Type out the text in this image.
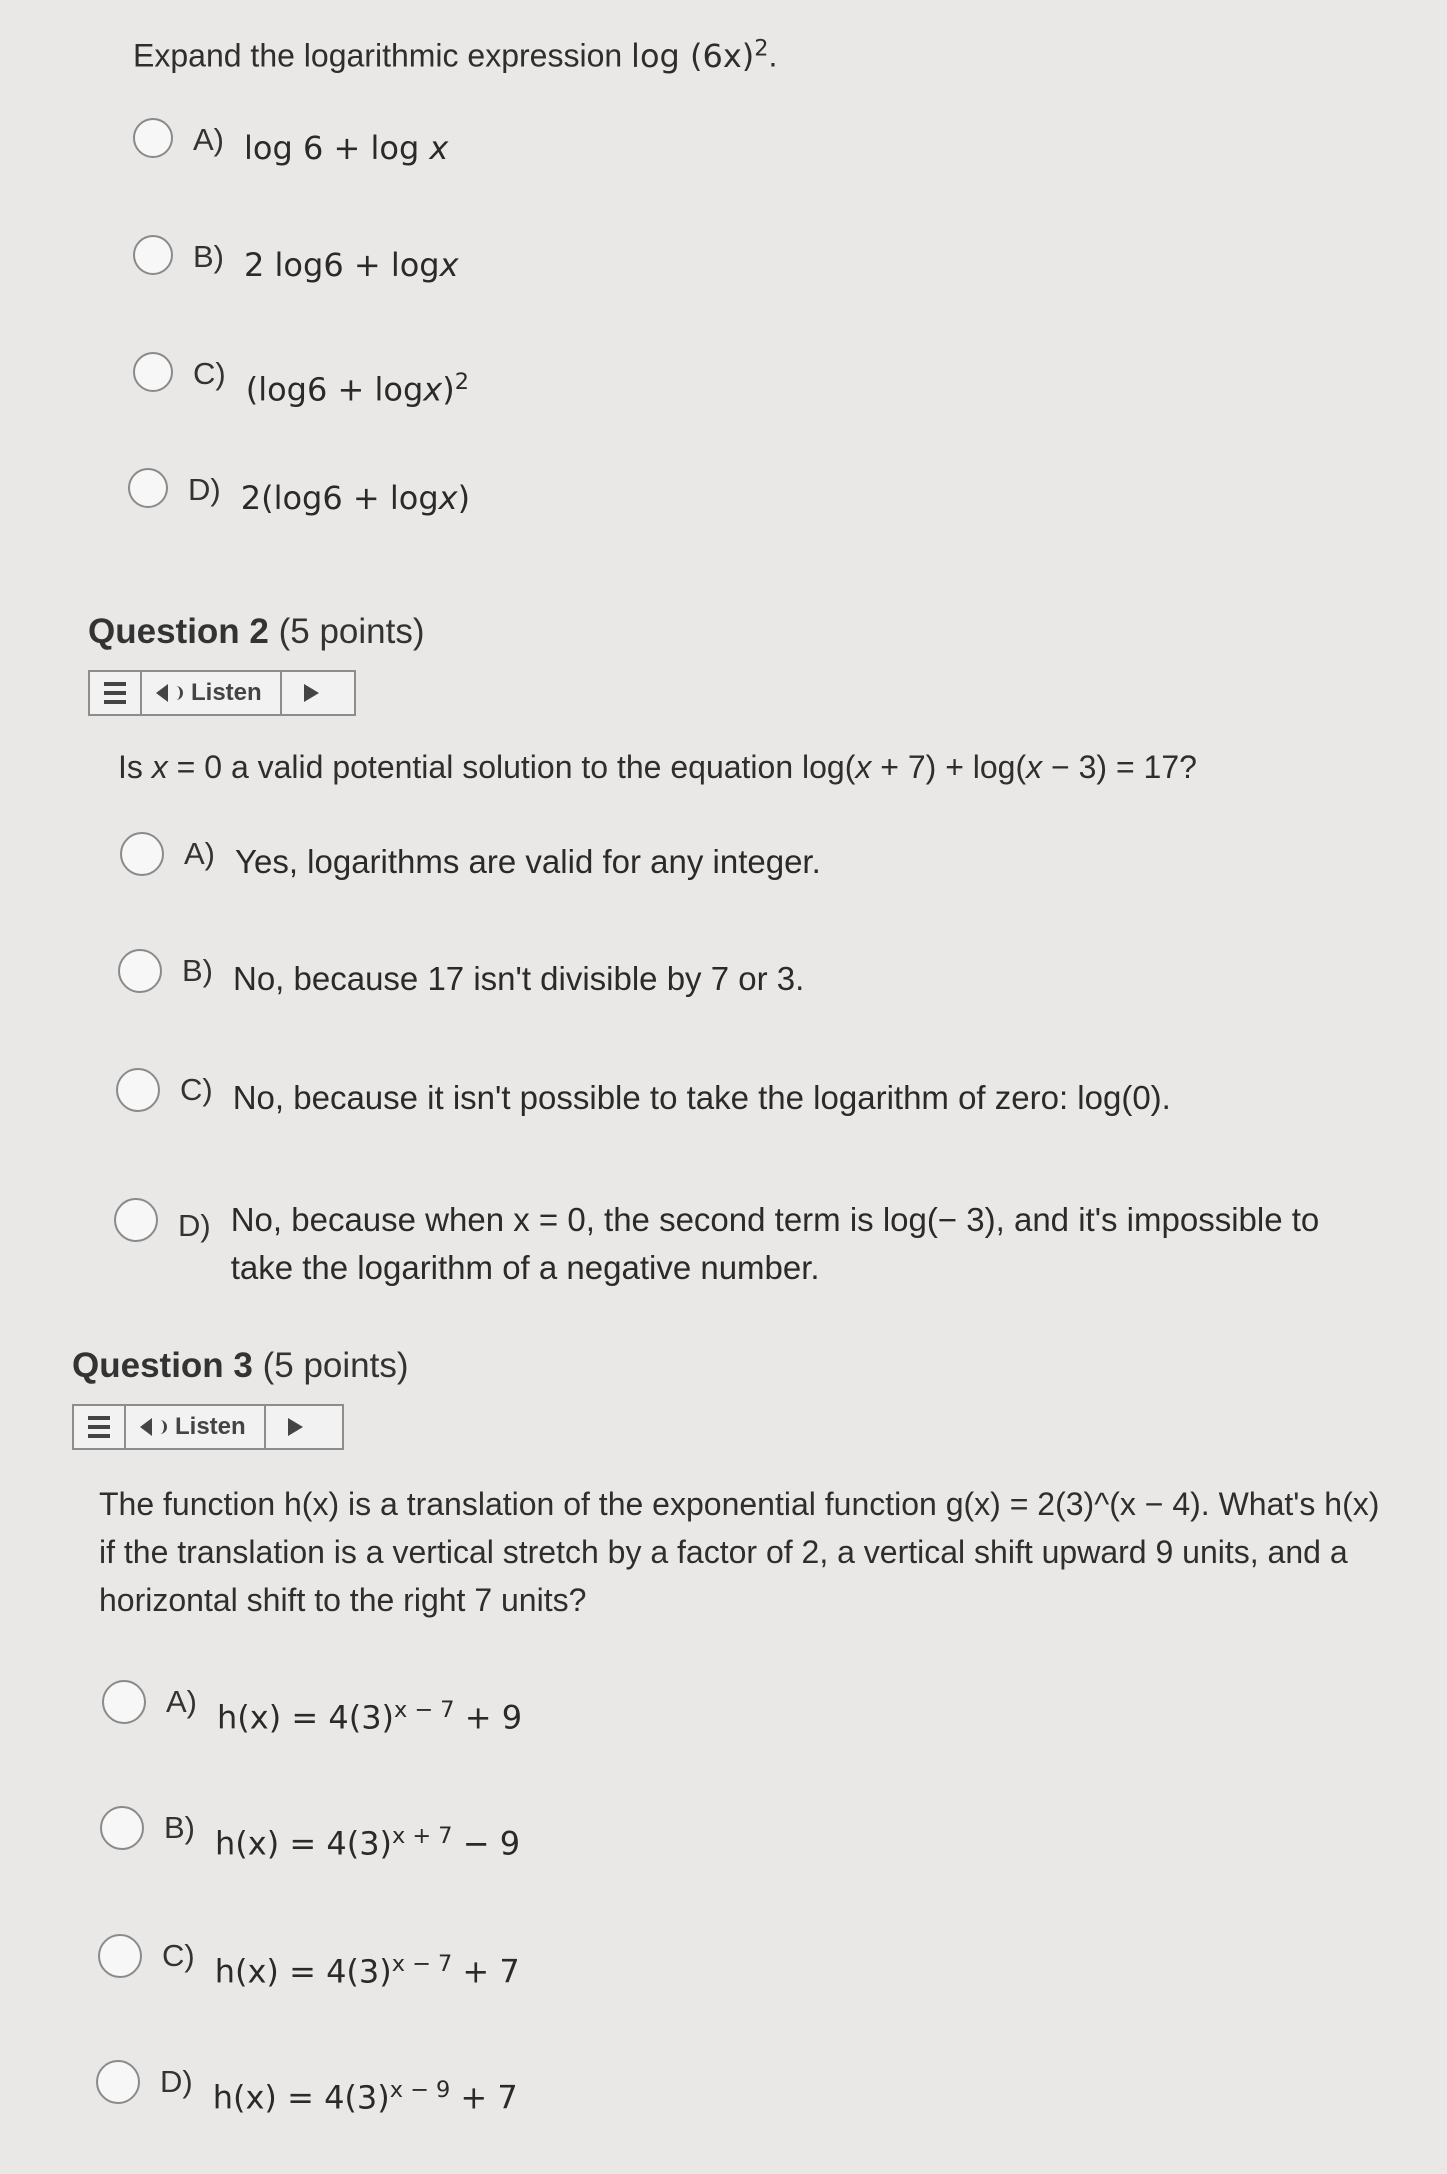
Expand the logarithmic expression $\log (6x)^2$.
A) log 6 + log x
B) 2 log6 + logx
C) $(\log 6 + \log x)^2$
D) 2(log6 + logx)
Question 2 (5 points)
Listen
Is x = 0 a valid potential solution to the equation log(x + 7) + log(x − 3) = 17?
A) Yes, logarithms are valid for any integer.
B) No, because 17 isn't divisible by 7 or 3.
C) No, because it isn't possible to take the logarithm of zero: log(0).
D) No, because when x = 0, the second term is log(− 3), and it's impossible to take the logarithm of a negative number.
Question 3 (5 points)
Listen
The function h(x) is a translation of the exponential function g(x) = 2(3)^(x − 4). What's h(x) if the translation is a vertical stretch by a factor of 2, a vertical shift upward 9 units, and a horizontal shift to the right 7 units?
A) $h(x) = 4(3)^{x - 7} + 9$
B) $h(x) = 4(3)^{x + 7} - 9$
C) $h(x) = 4(3)^{x - 7} + 7$
D) $h(x) = 4(3)^{x - 9} + 7$
